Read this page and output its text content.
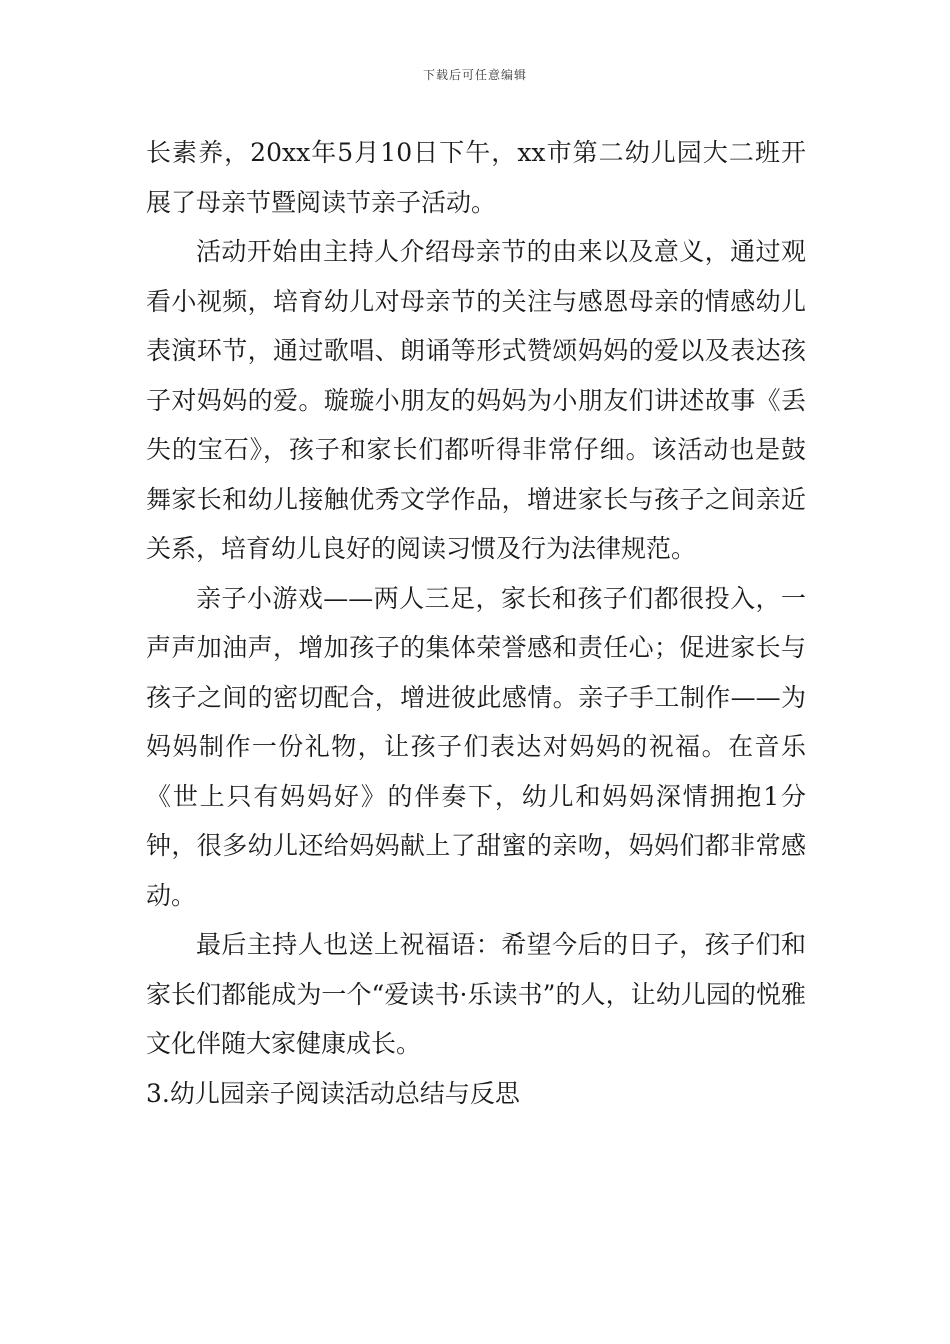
下载后可任意编辑

长素养，20xx年5月10日下午，xx市第二幼儿园大二班开展了母亲节暨阅读节亲子活动。

活动开始由主持人介绍母亲节的由来以及意义，通过观看小视频，培育幼儿对母亲节的关注与感恩母亲的情感幼儿表演环节，通过歌唱、朗诵等形式赞颂妈妈的爱以及表达孩子对妈妈的爱。璇璇小朋友的妈妈为小朋友们讲述故事《丢失的宝石》，孩子和家长们都听得非常仔细。该活动也是鼓舞家长和幼儿接触优秀文学作品，增进家长与孩子之间亲近关系，培育幼儿良好的阅读习惯及行为法律规范。

亲子小游戏——两人三足，家长和孩子们都很投入，一声声加油声，增加孩子的集体荣誉感和责任心；促进家长与孩子之间的密切配合，增进彼此感情。亲子手工制作——为妈妈制作一份礼物，让孩子们表达对妈妈的祝福。在音乐《世上只有妈妈好》的伴奏下，幼儿和妈妈深情拥抱1分钟，很多幼儿还给妈妈献上了甜蜜的亲吻，妈妈们都非常感动。

最后主持人也送上祝福语：希望今后的日子，孩子们和家长们都能成为一个“爱读书·乐读书”的人，让幼儿园的悦雅文化伴随大家健康成长。

3.幼儿园亲子阅读活动总结与反思
